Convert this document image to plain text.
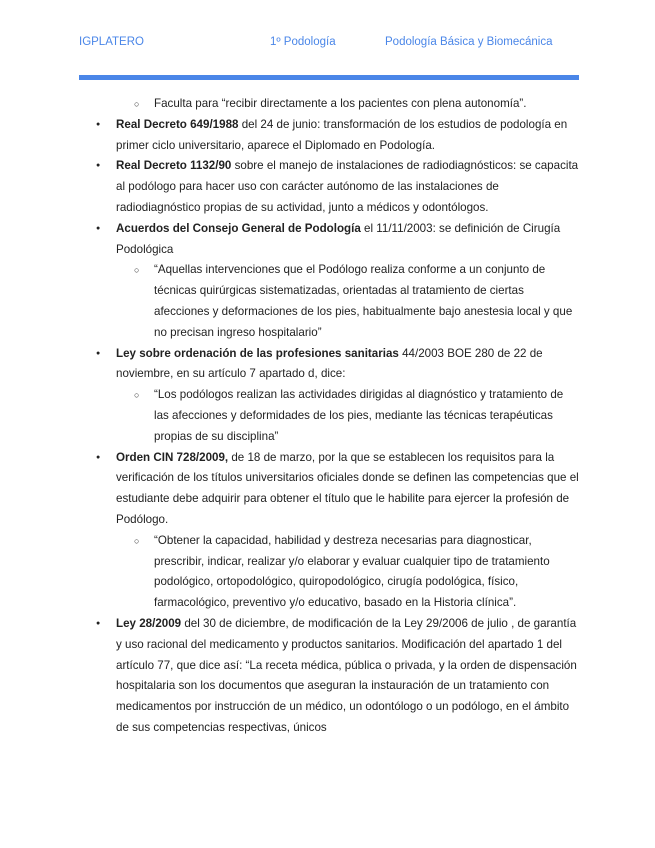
IGPLATERO	1º Podología	Podología Básica y Biomecánica
○ Faculta para “recibir directamente a los pacientes con plena autonomía”.
● Real Decreto 649/1988 del 24 de junio: transformación de los estudios de podología en primer ciclo universitario, aparece el Diplomado en Podología.
● Real Decreto 1132/90 sobre el manejo de instalaciones de radiodiagnósticos: se capacita al podólogo para hacer uso con carácter autónomo de las instalaciones de radiodiagnóstico propias de su actividad, junto a médicos y odontólogos.
● Acuerdos del Consejo General de Podología el 11/11/2003: se definición de Cirugía Podológica
○ “Aquellas intervenciones que el Podólogo realiza conforme a un conjunto de técnicas quirúrgicas sistematizadas, orientadas al tratamiento de ciertas afecciones y deformaciones de los pies, habitualmente bajo anestesia local y que no precisan ingreso hospitalario”
● Ley sobre ordenación de las profesiones sanitarias 44/2003 BOE 280 de 22 de noviembre, en su artículo 7 apartado d, dice:
○ “Los podólogos realizan las actividades dirigidas al diagnóstico y tratamiento de las afecciones y deformidades de los pies, mediante las técnicas terapéuticas propias de su disciplina”
● Orden CIN 728/2009, de 18 de marzo, por la que se establecen los requisitos para la verificación de los títulos universitarios oficiales donde se definen las competencias que el estudiante debe adquirir para obtener el título que le habilite para ejercer la profesión de Podólogo.
○ “Obtener la capacidad, habilidad y destreza necesarias para diagnosticar, prescribir, indicar, realizar y/o elaborar y evaluar cualquier tipo de tratamiento podológico, ortopodológico, quiropodológico, cirugía podológica, físico, farmacológico, preventivo y/o educativo, basado en la Historia clínica”.
● Ley 28/2009 del 30 de diciembre, de modificación de la Ley 29/2006 de julio , de garantía y uso racional del medicamento y productos sanitarios. Modificación del apartado 1 del artículo 77, que dice así: “La receta médica, pública o privada, y la orden de dispensación hospitalaria son los documentos que aseguran la instauración de un tratamiento con medicamentos por instrucción de un médico, un odontólogo o un podólogo, en el ámbito de sus competencias respectivas, únicos
